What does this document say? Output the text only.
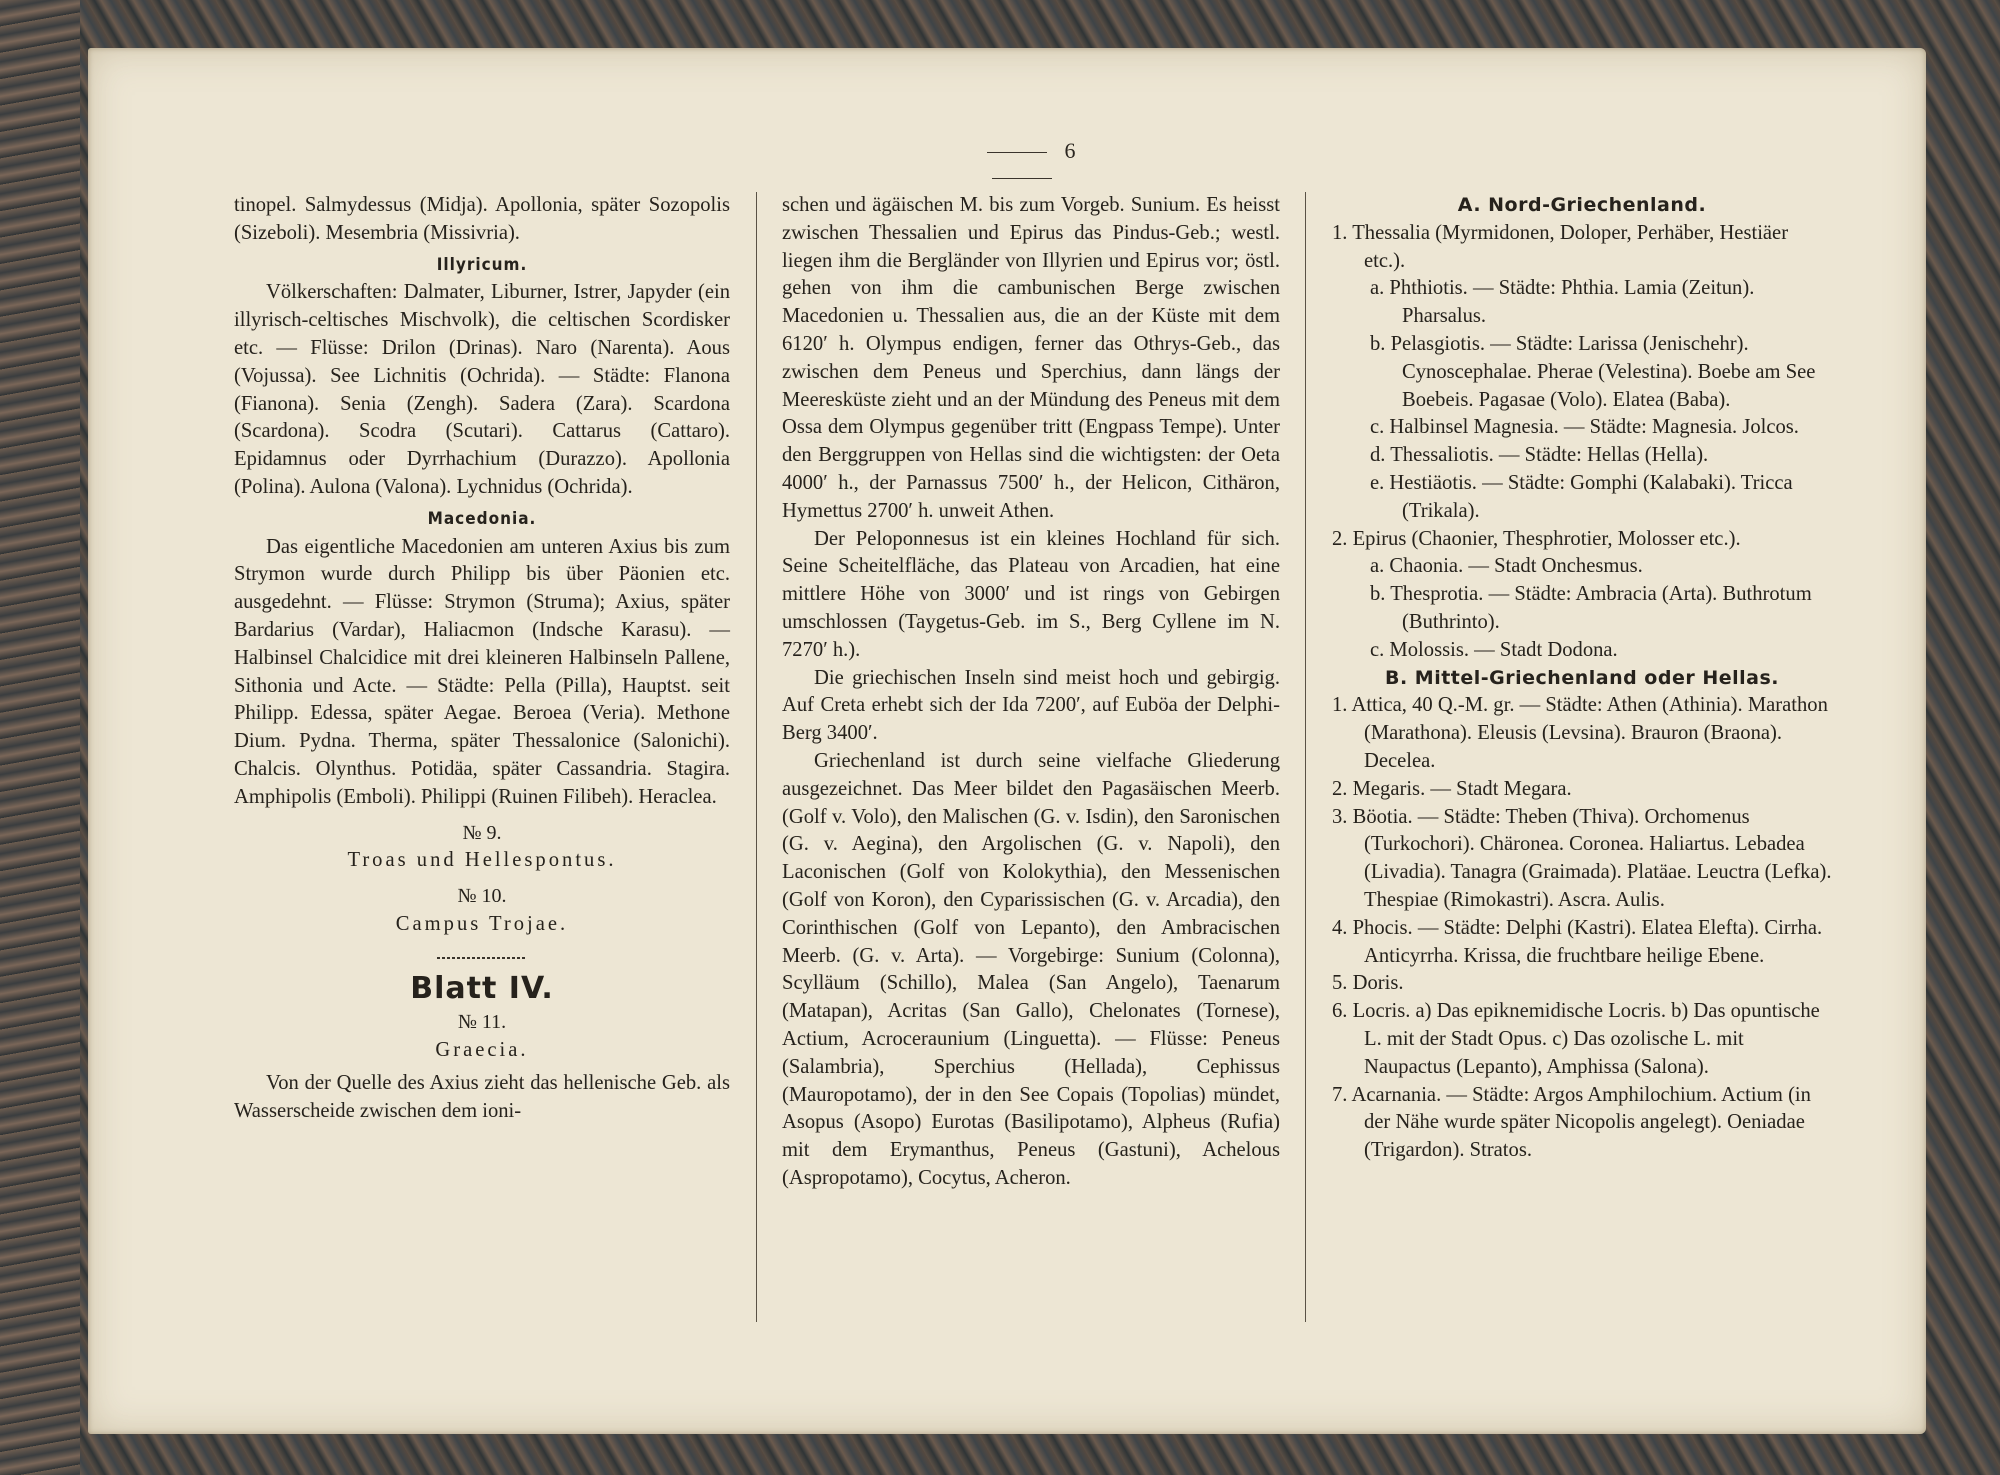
6

tinopel. Salmydessus (Midja). Apollonia, später Sozopolis (Sizeboli). Mesembria (Missivria).

Illyricum.

Völkerschaften: Dalmater, Liburner, Istrer, Japyder (ein illyrisch-celtisches Mischvolk), die celtischen Scordisker etc. — Flüsse: Drilon (Drinas). Naro (Narenta). Aous (Vojussa). See Lichnitis (Ochrida). — Städte: Flanona (Fianona). Senia (Zengh). Sadera (Zara). Scardona (Scardona). Scodra (Scutari). Cattarus (Cattaro). Epidamnus oder Dyrrhachium (Durazzo). Apollonia (Polina). Aulona (Valona). Lychnidus (Ochrida).

Macedonia.

Das eigentliche Macedonien am unteren Axius bis zum Strymon wurde durch Philipp bis über Päonien etc. ausgedehnt. — Flüsse: Strymon (Struma); Axius, später Bardarius (Vardar), Haliacmon (Indsche Karasu). — Halbinsel Chalcidice mit drei kleineren Halbinseln Pallene, Sithonia und Acte. — Städte: Pella (Pilla), Hauptst. seit Philipp. Edessa, später Aegae. Beroea (Veria). Methone Dium. Pydna. Therma, später Thessalonice (Salonichi). Chalcis. Olynthus. Potidäa, später Cassandria. Stagira. Amphipolis (Emboli). Philippi (Ruinen Filibeh). Heraclea.

№ 9.

Troas und Hellespontus.

№ 10.

Campus Trojae.

Blatt IV.

№ 11.

Graecia.

Von der Quelle des Axius zieht das hellenische Geb. als Wasserscheide zwischen dem ioni-

schen und ägäischen M. bis zum Vorgeb. Sunium. Es heisst zwischen Thessalien und Epirus das Pindus-Geb.; westl. liegen ihm die Bergländer von Illyrien und Epirus vor; östl. gehen von ihm die cambunischen Berge zwischen Macedonien u. Thessalien aus, die an der Küste mit dem 6120′ h. Olympus endigen, ferner das Othrys-Geb., das zwischen dem Peneus und Sperchius, dann längs der Meeresküste zieht und an der Mündung des Peneus mit dem Ossa dem Olympus gegenüber tritt (Engpass Tempe). Unter den Berggruppen von Hellas sind die wichtigsten: der Oeta 4000′ h., der Parnassus 7500′ h., der Helicon, Cithäron, Hymettus 2700′ h. unweit Athen.

Der Peloponnesus ist ein kleines Hochland für sich. Seine Scheitelfläche, das Plateau von Arcadien, hat eine mittlere Höhe von 3000′ und ist rings von Gebirgen umschlossen (Taygetus-Geb. im S., Berg Cyllene im N. 7270′ h.).

Die griechischen Inseln sind meist hoch und gebirgig. Auf Creta erhebt sich der Ida 7200′, auf Euböa der Delphi-Berg 3400′.

Griechenland ist durch seine vielfache Gliederung ausgezeichnet. Das Meer bildet den Pagasäischen Meerb. (Golf v. Volo), den Malischen (G. v. Isdin), den Saronischen (G. v. Aegina), den Argolischen (G. v. Napoli), den Laconischen (Golf von Kolokythia), den Messenischen (Golf von Koron), den Cyparissischen (G. v. Arcadia), den Corinthischen (Golf von Lepanto), den Ambracischen Meerb. (G. v. Arta). — Vorgebirge: Sunium (Colonna), Scylläum (Schillo), Malea (San Angelo), Taenarum (Matapan), Acritas (San Gallo), Chelonates (Tornese), Actium, Acroceraunium (Linguetta). — Flüsse: Peneus (Salambria), Sperchius (Hellada), Cephissus (Mauropotamo), der in den See Copais (Topolias) mündet, Asopus (Asopo) Eurotas (Basilipotamo), Alpheus (Rufia) mit dem Erymanthus, Peneus (Gastuni), Achelous (Aspropotamo), Cocytus, Acheron.

A. Nord-Griechenland.

1. Thessalia (Myrmidonen, Doloper, Perhäber, Hestiäer etc.).

a. Phthiotis. — Städte: Phthia. Lamia (Zeitun). Pharsalus.

b. Pelasgiotis. — Städte: Larissa (Jenischehr). Cynoscephalae. Pherae (Velestina). Boebe am See Boebeis. Pagasae (Volo). Elatea (Baba).

c. Halbinsel Magnesia. — Städte: Magnesia. Jolcos.

d. Thessaliotis. — Städte: Hellas (Hella).

e. Hestiäotis. — Städte: Gomphi (Kalabaki). Tricca (Trikala).

2. Epirus (Chaonier, Thesphrotier, Molosser etc.).

a. Chaonia. — Stadt Onchesmus.

b. Thesprotia. — Städte: Ambracia (Arta). Buthrotum (Buthrinto).

c. Molossis. — Stadt Dodona.

B. Mittel-Griechenland oder Hellas.

1. Attica, 40 Q.-M. gr. — Städte: Athen (Athinia). Marathon (Marathona). Eleusis (Levsina). Brauron (Braona). Decelea.

2. Megaris. — Stadt Megara.

3. Böotia. — Städte: Theben (Thiva). Orchomenus (Turkochori). Chäronea. Coronea. Haliartus. Lebadea (Livadia). Tanagra (Graimada). Platäae. Leuctra (Lefka). Thespiae (Rimokastri). Ascra. Aulis.

4. Phocis. — Städte: Delphi (Kastri). Elatea Elefta). Cirrha. Anticyrrha. Krissa, die fruchtbare heilige Ebene.

5. Doris.

6. Locris. a) Das epiknemidische Locris. b) Das opuntische L. mit der Stadt Opus. c) Das ozolische L. mit Naupactus (Lepanto), Amphissa (Salona).

7. Acarnania. — Städte: Argos Amphilochium. Actium (in der Nähe wurde später Nicopolis angelegt). Oeniadae (Trigardon). Stratos.
